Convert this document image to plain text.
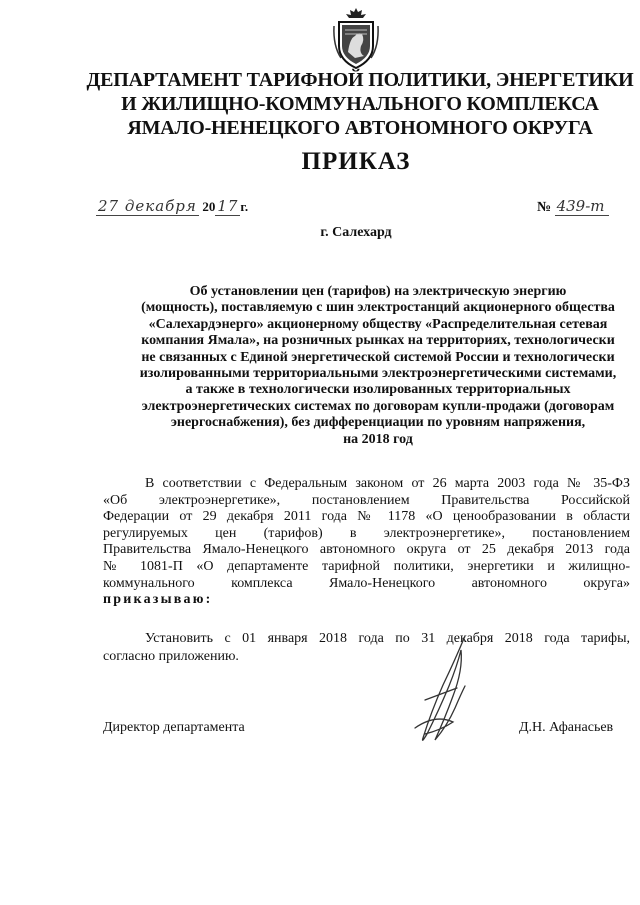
ДЕПАРТАМЕНТ ТАРИФНОЙ ПОЛИТИКИ, ЭНЕРГЕТИКИ
И ЖИЛИЩНО-КОММУНАЛЬНОГО КОМПЛЕКСА
ЯМАЛО-НЕНЕЦКОГО АВТОНОМНОГО ОКРУГА
ПРИКАЗ
27 декабря 20 17 г.	№ 439-т
г. Салехард
Об установлении цен (тарифов) на электрическую энергию
(мощность), поставляемую с шин электростанций акционерного общества
«Салехардэнерго» акционерному обществу «Распределительная сетевая
компания Ямала», на розничных рынках на территориях, технологически
не связанных с Единой энергетической системой России и технологически
изолированными территориальными электроэнергетическими системами,
а также в технологически изолированных территориальных
электроэнергетических системах по договорам купли-продажи (договорам
энергоснабжения), без дифференциации по уровням напряжения,
на 2018 год
В соответствии с Федеральным законом от 26 марта 2003 года № 35-ФЗ
«Об электроэнергетике», постановлением Правительства Российской
Федерации от 29 декабря 2011 года № 1178 «О ценообразовании в области
регулируемых цен (тарифов) в электроэнергетике», постановлением
Правительства Ямало-Ненецкого автономного округа от 25 декабря 2013 года
№ 1081-П «О департаменте тарифной политики, энергетики и жилищно-
коммунального комплекса Ямало-Ненецкого автономного округа»
приказываю:
Установить с 01 января 2018 года по 31 декабря 2018 года тарифы,
согласно приложению.
Директор департамента	Д.Н. Афанасьев
